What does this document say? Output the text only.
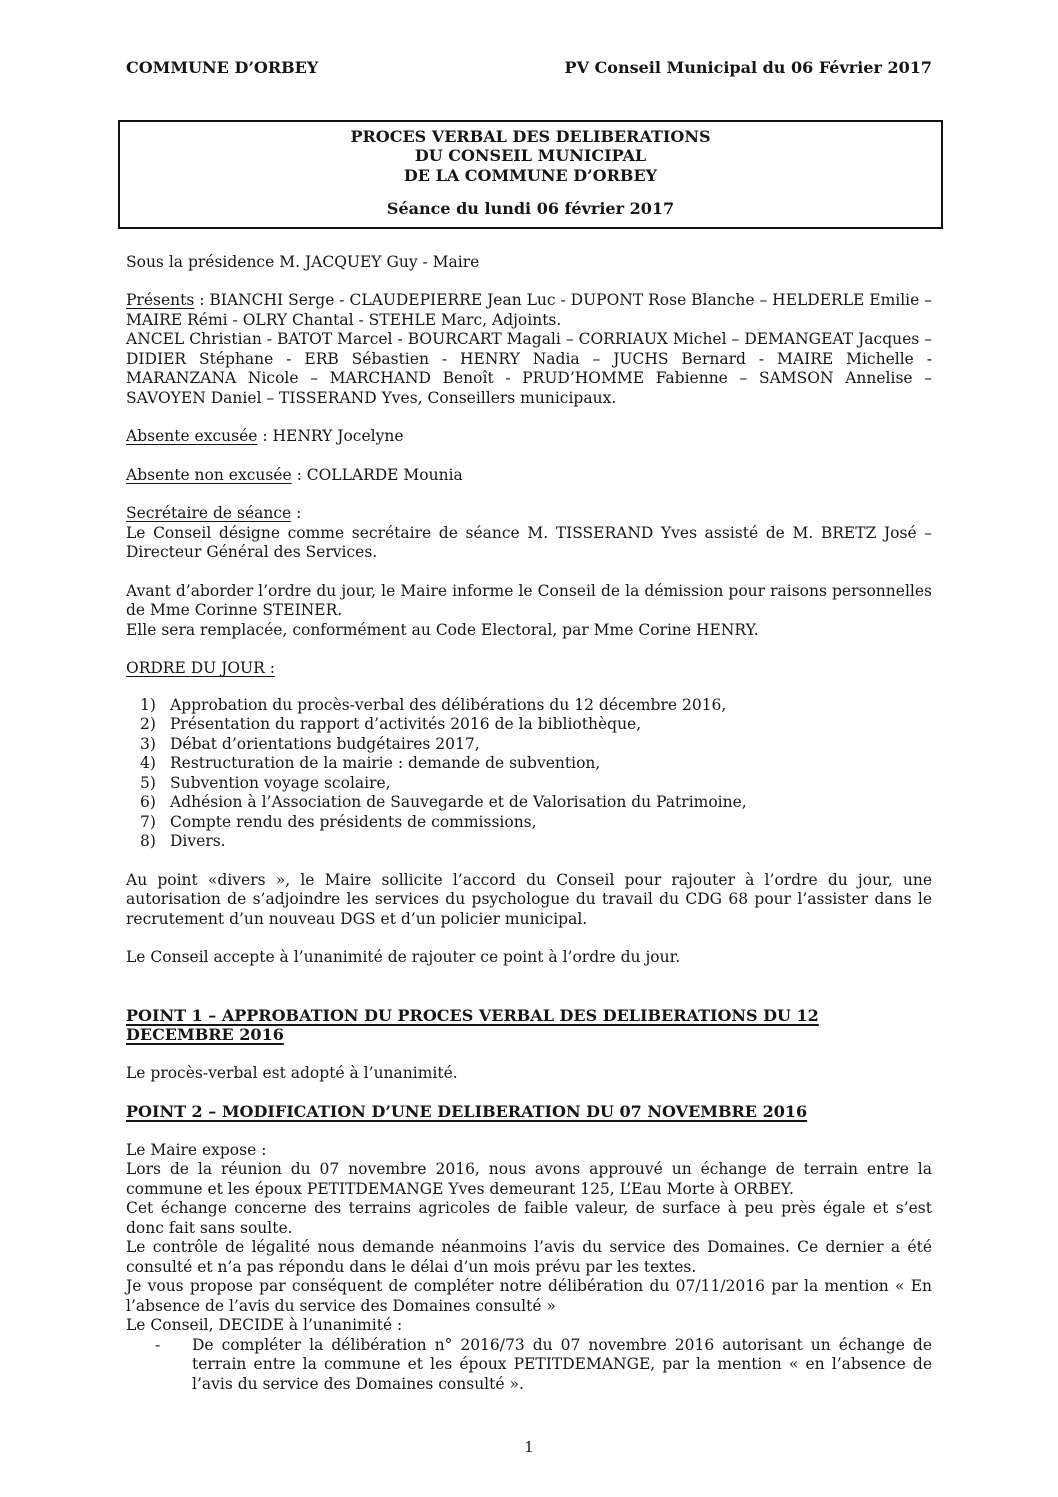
COMMUNE D’ORBEY	PV Conseil Municipal du 06 Février 2017
PROCES VERBAL DES DELIBERATIONS
DU CONSEIL MUNICIPAL
DE LA COMMUNE D’ORBEY
Séance du lundi 06 février 2017

Sous la présidence M. JACQUEY Guy - Maire

Présents : BIANCHI Serge - CLAUDEPIERRE Jean Luc - DUPONT Rose Blanche – HELDERLE Emilie – MAIRE Rémi - OLRY Chantal - STEHLE Marc, Adjoints.

ANCEL Christian - BATOT Marcel - BOURCART Magali – CORRIAUX Michel – DEMANGEAT Jacques – DIDIER Stéphane - ERB Sébastien - HENRY Nadia – JUCHS Bernard - MAIRE Michelle - MARANZANA Nicole – MARCHAND Benoît - PRUD’HOMME Fabienne – SAMSON Annelise – SAVOYEN Daniel – TISSERAND Yves, Conseillers municipaux.

Absente excusée : HENRY Jocelyne

Absente non excusée : COLLARDE Mounia

Secrétaire de séance :

Le Conseil désigne comme secrétaire de séance M. TISSERAND Yves assisté de M. BRETZ José – Directeur Général des Services.

Avant d’aborder l’ordre du jour, le Maire informe le Conseil de la démission pour raisons personnelles de Mme Corinne STEINER.

Elle sera remplacée, conformément au Code Electoral, par Mme Corine HENRY.

ORDRE DU JOUR :

1) Approbation du procès-verbal des délibérations du 12 décembre 2016,
2) Présentation du rapport d’activités 2016 de la bibliothèque,
3) Débat d’orientations budgétaires 2017,
4) Restructuration de la mairie : demande de subvention,
5) Subvention voyage scolaire,
6) Adhésion à l’Association de Sauvegarde et de Valorisation du Patrimoine,
7) Compte rendu des présidents de commissions,
8) Divers.

Au point «divers », le Maire sollicite l’accord du Conseil pour rajouter à l’ordre du jour, une autorisation de s’adjoindre les services du psychologue du travail du CDG 68 pour l’assister dans le recrutement d’un nouveau DGS et d’un policier municipal.

Le Conseil accepte à l’unanimité de rajouter ce point à l’ordre du jour.

POINT 1 – APPROBATION DU PROCES VERBAL DES DELIBERATIONS DU 12 DECEMBRE 2016

Le procès-verbal est adopté à l’unanimité.

POINT 2 – MODIFICATION D’UNE DELIBERATION DU 07 NOVEMBRE 2016

Le Maire expose :

Lors de la réunion du 07 novembre 2016, nous avons approuvé un échange de terrain entre la commune et les époux PETITDEMANGE Yves demeurant 125, L’Eau Morte à ORBEY.

Cet échange concerne des terrains agricoles de faible valeur, de surface à peu près égale et s’est donc fait sans soulte.

Le contrôle de légalité nous demande néanmoins l’avis du service des Domaines. Ce dernier a été consulté et n’a pas répondu dans le délai d’un mois prévu par les textes.

Je vous propose par conséquent de compléter notre délibération du 07/11/2016 par la mention « En l’absence de l’avis du service des Domaines consulté »

Le Conseil, DECIDE à l’unanimité :

- De compléter la délibération n° 2016/73 du 07 novembre 2016 autorisant un échange de terrain entre la commune et les époux PETITDEMANGE, par la mention « en l’absence de l’avis du service des Domaines consulté ».
1
